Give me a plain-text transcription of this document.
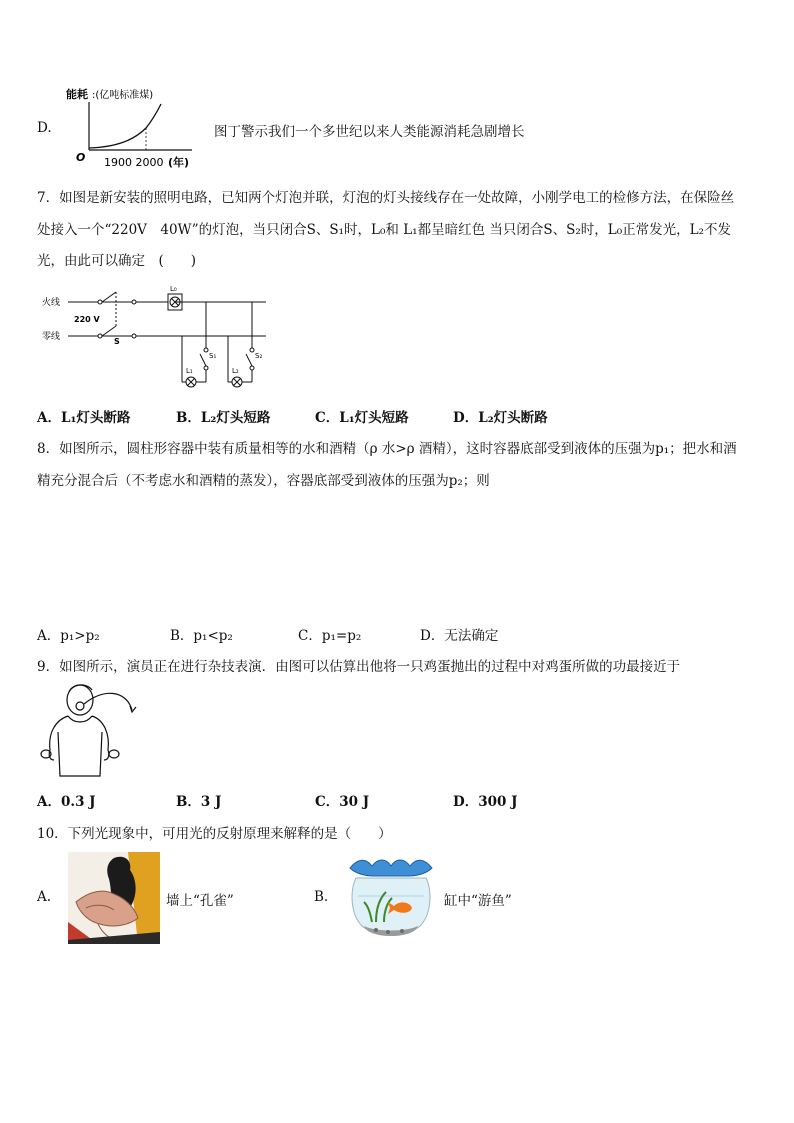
D.
能耗 :(亿吨标准煤)
O 1900 2000 (年)
图丁警示我们一个多世纪以来人类能源消耗急剧增长
7．如图是新安装的照明电路，已知两个灯泡并联，灯泡的灯头接线存在一处故障，小刚学电工的检修方法，在保险丝
处接入一个“220V　40W”的灯泡，当只闭合S、S₁时，L₀和 L₁都呈暗红色 当只闭合S、S₂时，L₀正常发光，L₂不发
光，由此可以确定　(　　)
火线
零线
220 V
S
L₀
L₁	L₂
S₁	S₂
A．L₁灯头断路	B．L₂灯头短路	C．L₁灯头短路	D．L₂灯头断路
8．如图所示，圆柱形容器中装有质量相等的水和酒精（ρ 水>ρ 酒精），这时容器底部受到液体的压强为p₁；把水和酒
精充分混合后（不考虑水和酒精的蒸发），容器底部受到液体的压强为p₂；则
A．p₁>p₂	B．p₁<p₂	C．p₁=p₂	D．无法确定
9．如图所示，演员正在进行杂技表演．由图可以估算出他将一只鸡蛋抛出的过程中对鸡蛋所做的功最接近于
A．0.3 J	B．3 J	C．30 J	D．300 J
10．下列光现象中，可用光的反射原理来解释的是（　　）
A.	墙上“孔雀”	B.	缸中“游鱼”
